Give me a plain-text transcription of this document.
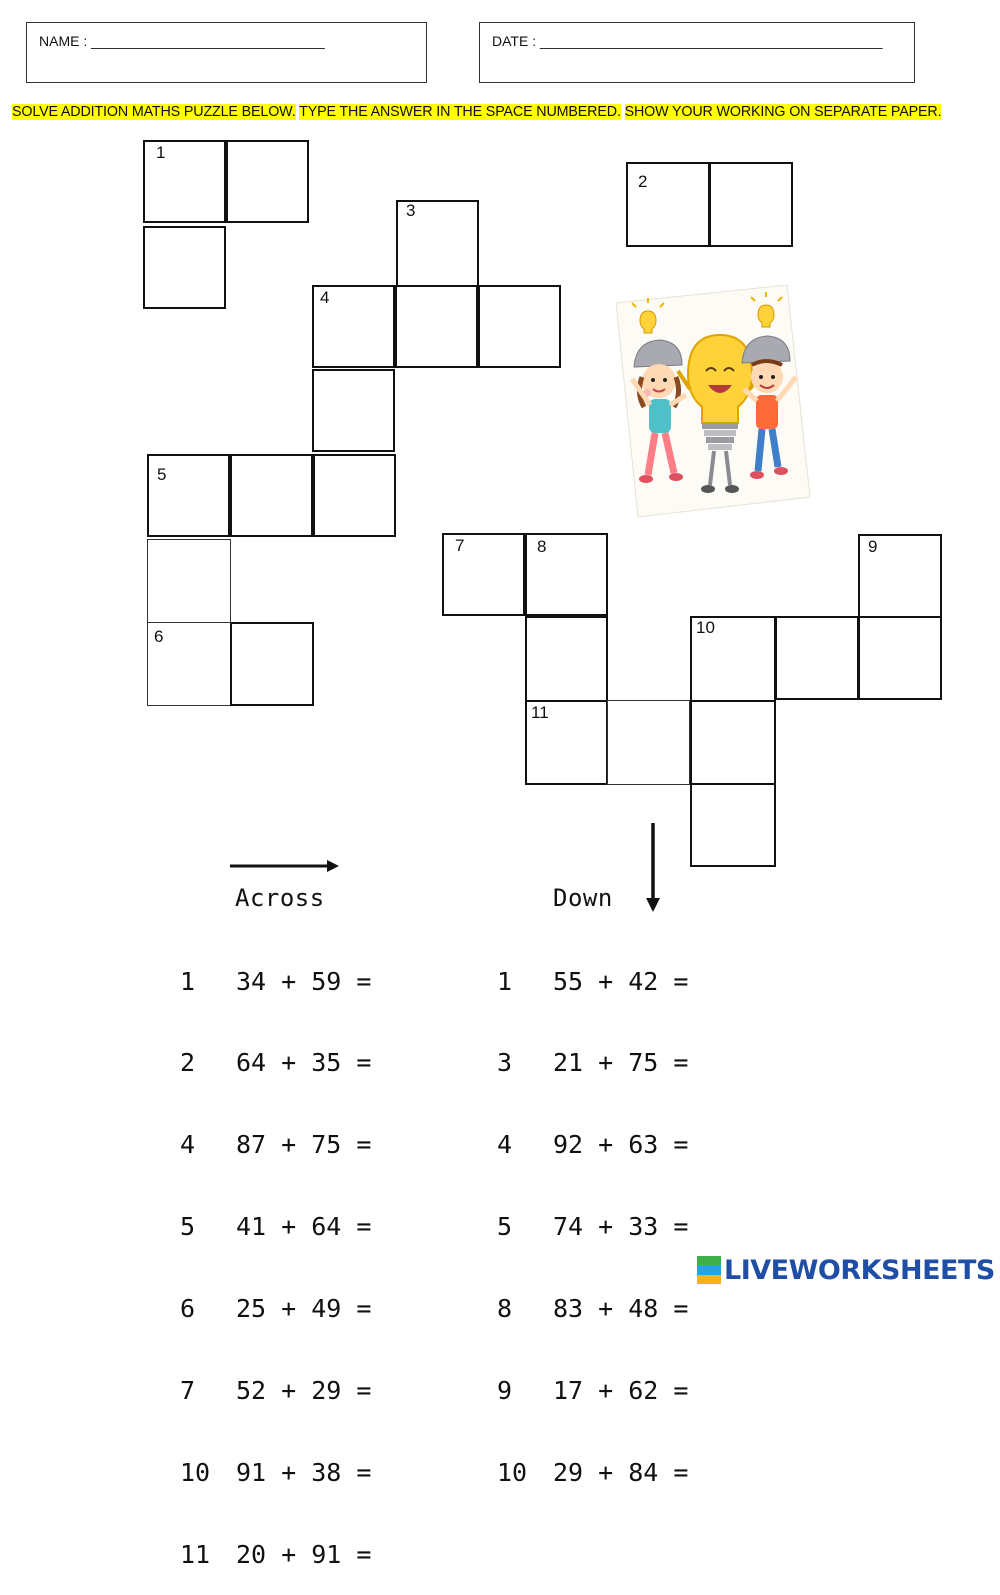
NAME : ______________________________	DATE : ____________________________________________
SOLVE ADDITION MATHS PUZZLE BELOW. TYPE THE ANSWER IN THE SPACE NUMBERED. SHOW YOUR WORKING ON SEPARATE PAPER.
1
2
3
4
5
6
7	8	9
10
11
Across	Down

1	34 + 59 =

2	64 + 35 =

4	87 + 75 =

5	41 + 64 =

6	25 + 49 =

7	52 + 29 =

10	91 + 38 =

11	20 + 91 =

1	55 + 42 =

3	21 + 75 =

4	92 + 63 =

5	74 + 33 =

8	83 + 48 =

9	17 + 62 =

10	29 + 84 =

LIVEWORKSHEETS
